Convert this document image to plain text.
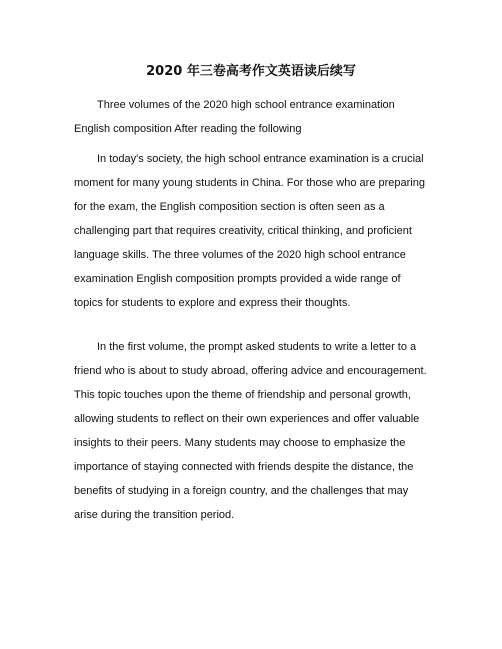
2020 年三卷高考作文英语读后续写

Three volumes of the 2020 high school entrance examination English composition After reading the following

In today's society, the high school entrance examination is a crucial moment for many young students in China. For those who are preparing for the exam, the English composition section is often seen as a challenging part that requires creativity, critical thinking, and proficient language skills. The three volumes of the 2020 high school entrance examination English composition prompts provided a wide range of topics for students to explore and express their thoughts.

In the first volume, the prompt asked students to write a letter to a friend who is about to study abroad, offering advice and encouragement. This topic touches upon the theme of friendship and personal growth, allowing students to reflect on their own experiences and offer valuable insights to their peers. Many students may choose to emphasize the importance of staying connected with friends despite the distance, the benefits of studying in a foreign country, and the challenges that may arise during the transition period.
